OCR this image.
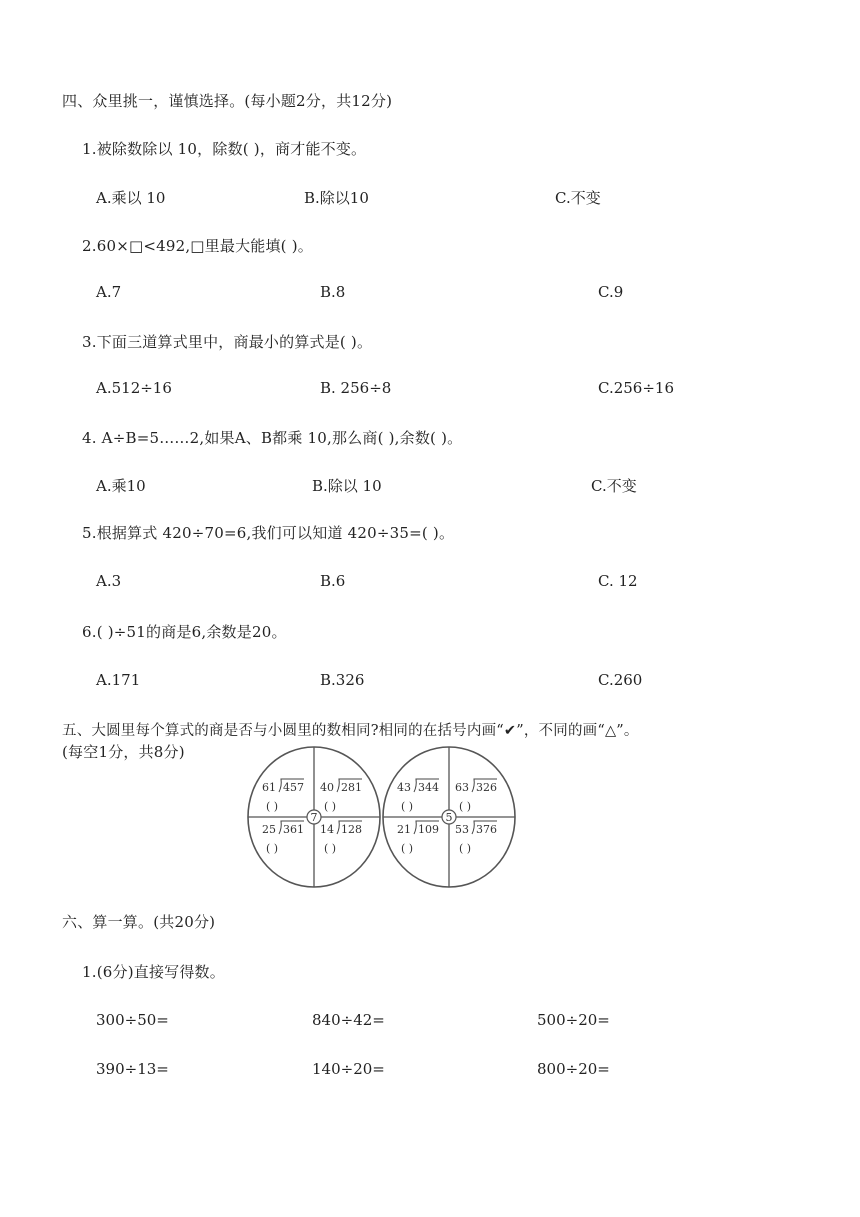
四、众里挑一，谨慎选择。(每小题2分，共12分)
1.被除数除以 10，除数( )，商才能不变。
A.乘以 10	B.除以10	C.不变
2.60×□<492,□里最大能填( )。
A.7	B.8	C.9
3.下面三道算式里中，商最小的算式是( )。
A.512÷16	B. 256÷8	C.256÷16
4. A÷B=5……2,如果A、B都乘 10,那么商( ),余数( )。
A.乘10	B.除以 10	C.不变
5.根据算式 420÷70=6,我们可以知道 420÷35=( )。
A.3	B.6	C. 12
6.( )÷51的商是6,余数是20。
A.171	B.326	C.260
五、大圆里每个算式的商是否与小圆里的数相同?相同的在括号内画“✔”，不同的画“△”。
(每空1分，共8分)
7
61 457
( )
40 281
( )
25 361
( )
14 128
( )
5
43 344
( )
63 326
( )
21 109
( )
53 376
( )
六、算一算。(共20分)
1.(6分)直接写得数。
300÷50=	840÷42=	500÷20=
390÷13=	140÷20=	800÷20=
